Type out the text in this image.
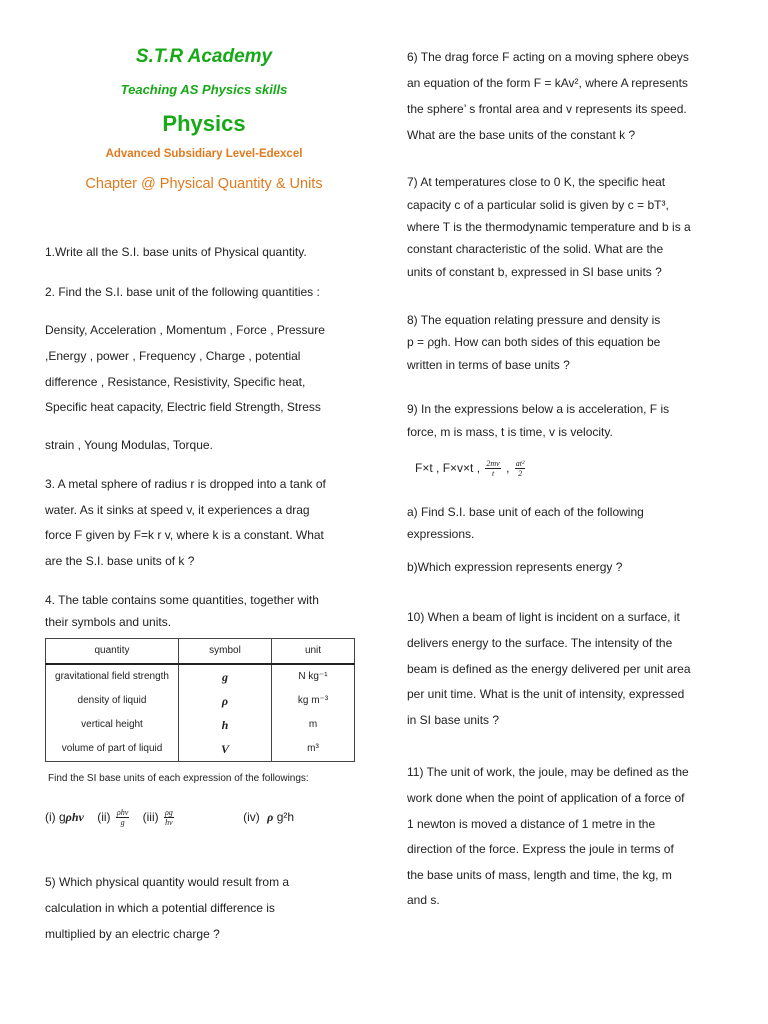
S.T.R Academy
Teaching AS Physics skills
Physics
Advanced Subsidiary Level-Edexcel
Chapter @ Physical Quantity & Units
1.Write all the S.I. base units of Physical quantity.
2. Find the S.I. base unit of the following quantities :
Density, Acceleration , Momentum , Force , Pressure
,Energy , power , Frequency , Charge , potential
difference , Resistance, Resistivity, Specific heat,
Specific heat capacity, Electric field Strength, Stress
strain , Young Modulas, Torque.
3. A metal sphere of radius r is dropped into a tank of
water. As it sinks at speed v, it experiences a drag
force F given by F=k r v, where k is a constant. What
are the S.I. base units of k ?
4. The table contains some quantities, together with
their symbols and units.
quantity	symbol	unit
gravitational field strength	g	N kg⁻¹
density of liquid	ρ	kg m⁻³
vertical height	h	m
volume of part of liquid	V	m³
Find the SI base units of each expression of the followings:
(i) gρhv $(ii) \frac{\text{ρhv}}{g} (iii) \frac{\rho g}{hv}$	(iv) ρ g²h
5) Which physical quantity would result from a
calculation in which a potential difference is
multiplied by an electric charge ?
6) The drag force F acting on a moving sphere obeys
an equation of the form F = kAv², where A represents
the sphere’ s frontal area and v represents its speed.
What are the base units of the constant k ?
7) At temperatures close to 0 K, the specific heat
capacity c of a particular solid is given by c = bT³,
where T is the thermodynamic temperature and b is a
constant characteristic of the solid. What are the
units of constant b, expressed in SI base units ?
8) The equation relating pressure and density is
p = ρgh. How can both sides of this equation be
written in terms of base units ?
9) In the expressions below a is acceleration, F is
force, m is mass, t is time, v is velocity.
F×t , F×v×t , $\frac{2mv}{t}$ , $\frac{\text{at²}}{2}$
a) Find S.I. base unit of each of the following
expressions.
b)Which expression represents energy ?
10) When a beam of light is incident on a surface, it
delivers energy to the surface. The intensity of the
beam is defined as the energy delivered per unit area
per unit time. What is the unit of intensity, expressed
in SI base units ?
11) The unit of work, the joule, may be defined as the
work done when the point of application of a force of
1 newton is moved a distance of 1 metre in the
direction of the force. Express the joule in terms of
the base units of mass, length and time, the kg, m
and s.
